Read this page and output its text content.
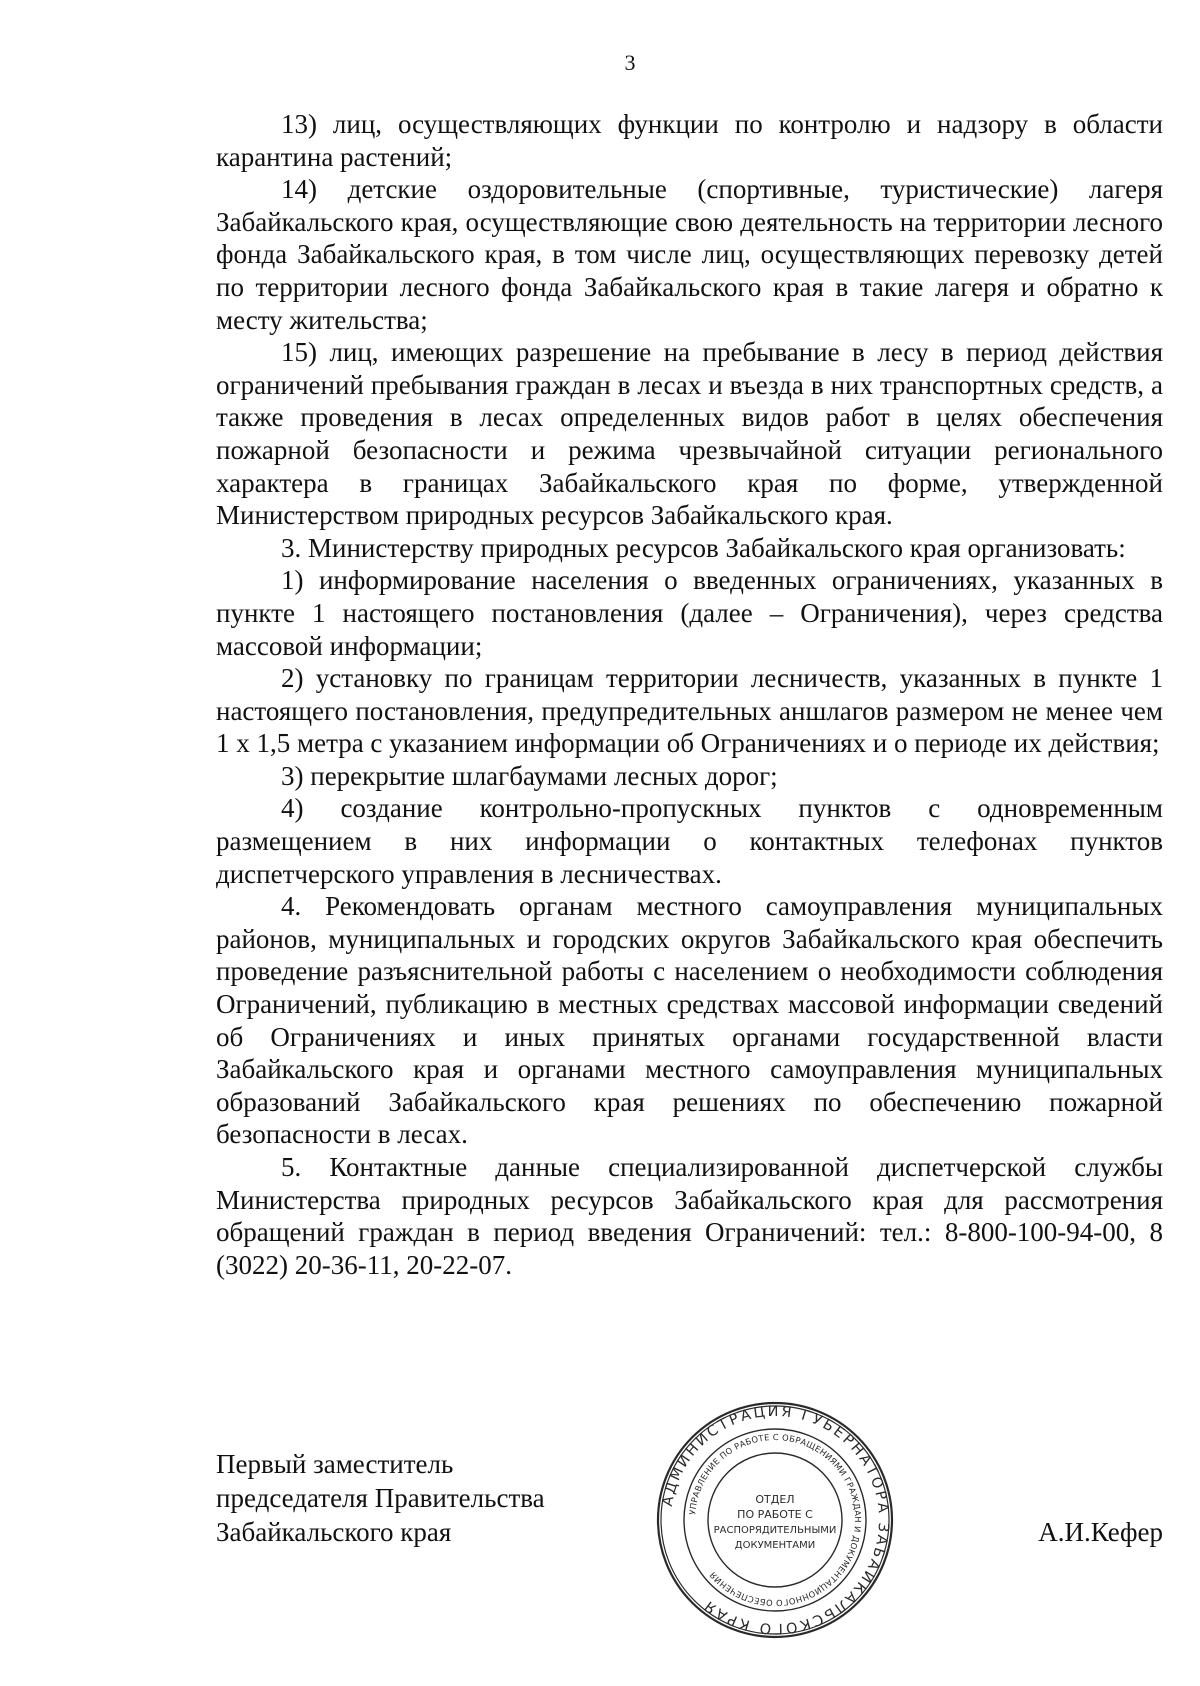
3

13) лиц, осуществляющих функции по контролю и надзору в области карантина растений;

14) детские оздоровительные (спортивные, туристические) лагеря Забайкальского края, осуществляющие свою деятельность на территории лесного фонда Забайкальского края, в том числе лиц, осуществляющих перевозку детей по территории лесного фонда Забайкальского края в такие лагеря и обратно к месту жительства;

15) лиц, имеющих разрешение на пребывание в лесу в период действия ограничений пребывания граждан в лесах и въезда в них транспортных средств, а также проведения в лесах определенных видов работ в целях обеспечения пожарной безопасности и режима чрезвычайной ситуации регионального характера в границах Забайкальского края по форме, утвержденной Министерством природных ресурсов Забайкальского края.

3. Министерству природных ресурсов Забайкальского края организовать:

1) информирование населения о введенных ограничениях, указанных в пункте 1 настоящего постановления (далее – Ограничения), через средства массовой информации;

2) установку по границам территории лесничеств, указанных в пункте 1 настоящего постановления, предупредительных аншлагов размером не менее чем 1 х 1,5 метра с указанием информации об Ограничениях и о периоде их действия;

3) перекрытие шлагбаумами лесных дорог;

4) создание контрольно-пропускных пунктов с одновременным размещением в них информации о контактных телефонах пунктов диспетчерского управления в лесничествах.

4. Рекомендовать органам местного самоуправления муниципальных районов, муниципальных и городских округов Забайкальского края обеспечить проведение разъяснительной работы с населением о необходимости соблюдения Ограничений, публикацию в местных средствах массовой информации сведений об Ограничениях и иных принятых органами государственной власти Забайкальского края и органами местного самоуправления муниципальных образований Забайкальского края решениях по обеспечению пожарной безопасности в лесах.

5. Контактные данные специализированной диспетчерской службы Министерства природных ресурсов Забайкальского края для рассмотрения обращений граждан в период введения Ограничений: тел.: 8-800-100-94-00, 8 (3022) 20-36-11, 20-22-07.

Первый заместитель
председателя Правительства
Забайкальского края	А.И.Кефер
АДМИНИСТРАЦИЯ ГУБЕРНАТОРА ЗАБАЙКАЛЬСКОГО КРАЯ
УПРАВЛЕНИЕ ПО РАБОТЕ С ОБРАЩЕНИЯМИ ГРАЖДАН И ДОКУМЕНТАЦИОННОГО ОБЕСПЕЧЕНИЯ
ОТДЕЛ
ПО РАБОТЕ С
РАСПОРЯДИТЕЛЬНЫМИ
ДОКУМЕНТАМИ
